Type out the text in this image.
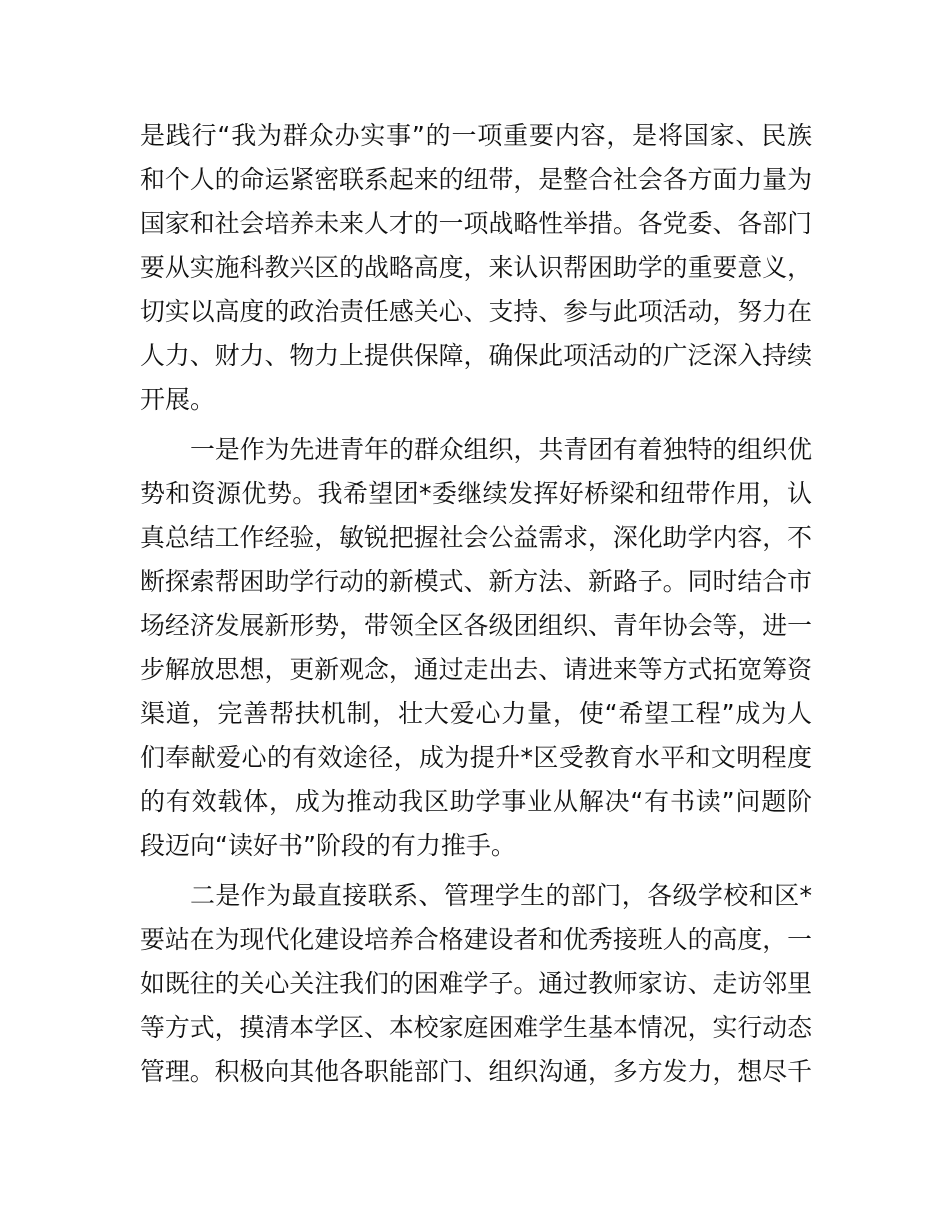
是践行“我为群众办实事”的一项重要内容，是将国家、民族
和个人的命运紧密联系起来的纽带，是整合社会各方面力量为
国家和社会培养未来人才的一项战略性举措。各党委、各部门
要从实施科教兴区的战略高度，来认识帮困助学的重要意义，
切实以高度的政治责任感关心、支持、参与此项活动，努力在
人力、财力、物力上提供保障，确保此项活动的广泛深入持续
开展。
一是作为先进青年的群众组织，共青团有着独特的组织优
势和资源优势。我希望团*委继续发挥好桥梁和纽带作用，认
真总结工作经验，敏锐把握社会公益需求，深化助学内容，不
断探索帮困助学行动的新模式、新方法、新路子。同时结合市
场经济发展新形势，带领全区各级团组织、青年协会等，进一
步解放思想，更新观念，通过走出去、请进来等方式拓宽筹资
渠道，完善帮扶机制，壮大爱心力量，使“希望工程”成为人
们奉献爱心的有效途径，成为提升*区受教育水平和文明程度
的有效载体，成为推动我区助学事业从解决“有书读”问题阶
段迈向“读好书”阶段的有力推手。
二是作为最直接联系、管理学生的部门，各级学校和区*
要站在为现代化建设培养合格建设者和优秀接班人的高度，一
如既往的关心关注我们的困难学子。通过教师家访、走访邻里
等方式，摸清本学区、本校家庭困难学生基本情况，实行动态
管理。积极向其他各职能部门、组织沟通，多方发力，想尽千
